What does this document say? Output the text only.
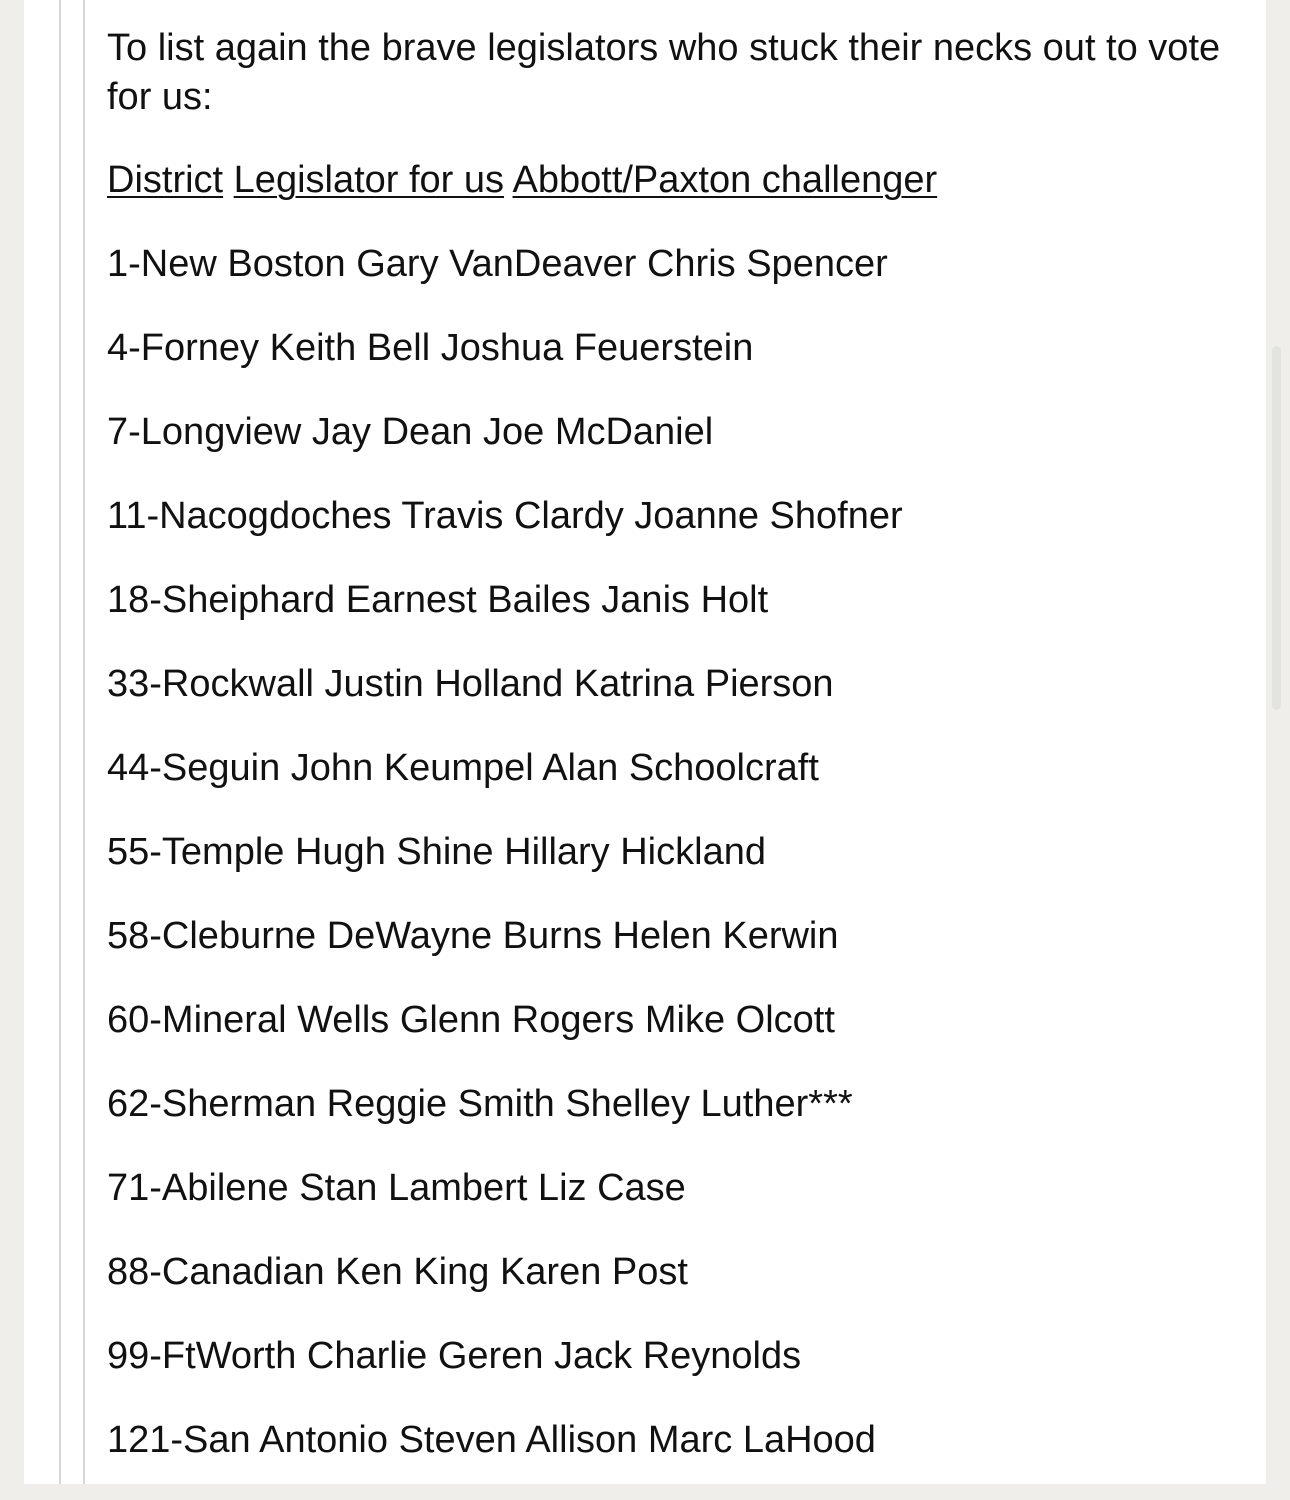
To list again the brave legislators who stuck their necks out to vote for us:

District Legislator for us Abbott/Paxton challenger
1-New Boston Gary VanDeaver Chris Spencer
4-Forney Keith Bell Joshua Feuerstein
7-Longview Jay Dean Joe McDaniel
11-Nacogdoches Travis Clardy Joanne Shofner
18-Sheiphard Earnest Bailes Janis Holt
33-Rockwall Justin Holland Katrina Pierson
44-Seguin John Keumpel Alan Schoolcraft
55-Temple Hugh Shine Hillary Hickland
58-Cleburne DeWayne Burns Helen Kerwin
60-Mineral Wells Glenn Rogers Mike Olcott
62-Sherman Reggie Smith Shelley Luther***
71-Abilene Stan Lambert Liz Case
88-Canadian Ken King Karen Post
99-FtWorth Charlie Geren Jack Reynolds
121-San Antonio Steven Allison Marc LaHood
